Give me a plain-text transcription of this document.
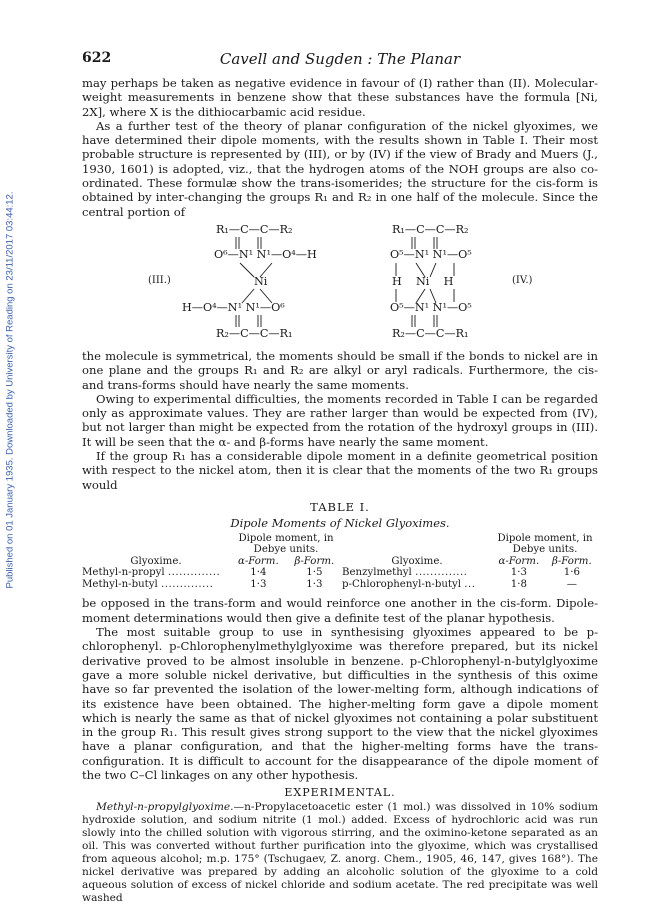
Published on 01 January 1935. Downloaded by University of Reading on 23/11/2017 03:44:12.
622	Cavell and Sugden : The Planar

may perhaps be taken as negative evidence in favour of (I) rather than (II). Molecular-weight measurements in benzene show that these substances have the formula [Ni, 2X], where X is the dithiocarbamic acid residue.

As a further test of the theory of planar configuration of the nickel glyoximes, we have determined their dipole moments, with the results shown in Table I. Their most probable structure is represented by (III), or by (IV) if the view of Brady and Muers (J., 1930, 1601) is adopted, viz., that the hydrogen atoms of the NOH groups are also co-ordinated. These formulæ show the trans-isomerides; the structure for the cis-form is obtained by inter-changing the groups R₁ and R₂ in one half of the molecule. Since the central portion of

(III.)
R₁—C—C—R₂
O⁶—N¹ N¹—O⁴—H
Ni
H—O⁴—N¹ N¹—O⁶
R₂—C—C—R₁
(IV.)
R₁—C—C—R₂
O⁵—N¹ N¹—O⁵
H    Ni    H
O⁵—N¹ N¹—O⁵
R₂—C—C—R₁

the molecule is symmetrical, the moments should be small if the bonds to nickel are in one plane and the groups R₁ and R₂ are alkyl or aryl radicals. Furthermore, the cis- and trans-forms should have nearly the same moments.

Owing to experimental difficulties, the moments recorded in Table I can be regarded only as approximate values. They are rather larger than would be expected from (IV), but not larger than might be expected from the rotation of the hydroxyl groups in (III). It will be seen that the α- and β-forms have nearly the same moment.

If the group R₁ has a considerable dipole moment in a definite geometrical position with respect to the nickel atom, then it is clear that the moments of the two R₁ groups would

TABLE I.
Dipole Moments of Nickel Glyoximes.
	Dipole moment, in Debye units.			Dipole moment, in Debye units.	
Glyoxime.	α-Form.	β-Form.	Glyoxime.	α-Form.	β-Form.
Methyl-n-propyl ..............	1·4	1·5	Benzylmethyl ..............	1·3	1·6
Methyl-n-butyl ..............	1·3	1·3	p-Chlorophenyl-n-butyl ...	1·8	—

be opposed in the trans-form and would reinforce one another in the cis-form. Dipole-moment determinations would then give a definite test of the planar hypothesis.

The most suitable group to use in synthesising glyoximes appeared to be p-chlorophenyl. p-Chlorophenylmethylglyoxime was therefore prepared, but its nickel derivative proved to be almost insoluble in benzene. p-Chlorophenyl-n-butylglyoxime gave a more soluble nickel derivative, but difficulties in the synthesis of this oxime have so far prevented the isolation of the lower-melting form, although indications of its existence have been obtained. The higher-melting form gave a dipole moment which is nearly the same as that of nickel glyoximes not containing a polar substituent in the group R₁. This result gives strong support to the view that the nickel glyoximes have a planar configuration, and that the higher-melting forms have the trans-configuration. It is difficult to account for the disappearance of the dipole moment of the two C–Cl linkages on any other hypothesis.

EXPERIMENTAL.

Methyl-n-propylglyoxime.—n-Propylacetoacetic ester (1 mol.) was dissolved in 10% sodium hydroxide solution, and sodium nitrite (1 mol.) added. Excess of hydrochloric acid was run slowly into the chilled solution with vigorous stirring, and the oximino-ketone separated as an oil. This was converted without further purification into the glyoxime, which was crystallised from aqueous alcohol; m.p. 175° (Tschugaev, Z. anorg. Chem., 1905, 46, 147, gives 168°). The nickel derivative was prepared by adding an alcoholic solution of the glyoxime to a cold aqueous solution of excess of nickel chloride and sodium acetate. The red precipitate was well washed
